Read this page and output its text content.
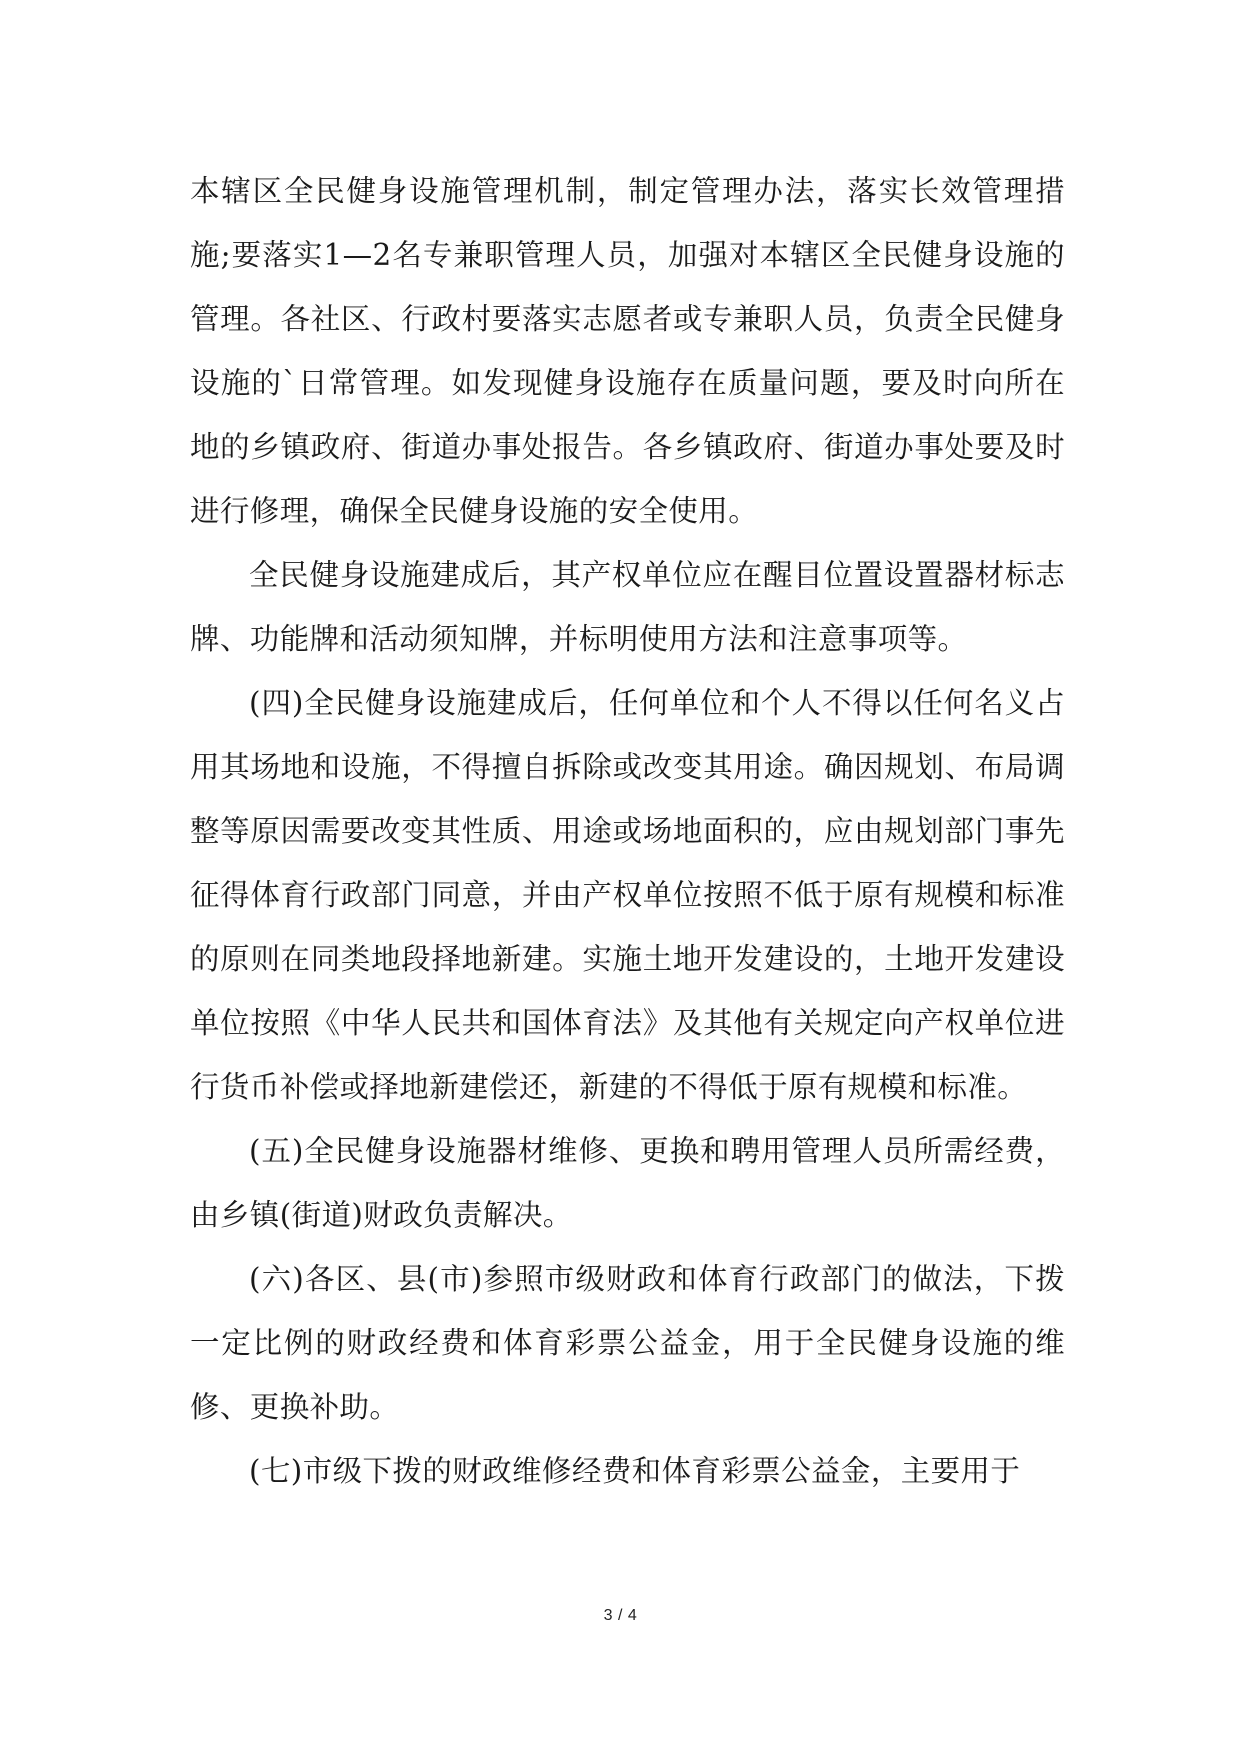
本辖区全民健身设施管理机制，制定管理办法，落实长效管理措施;要落实1—2名专兼职管理人员，加强对本辖区全民健身设施的管理。各社区、行政村要落实志愿者或专兼职人员，负责全民健身设施的`日常管理。如发现健身设施存在质量问题，要及时向所在地的乡镇政府、街道办事处报告。各乡镇政府、街道办事处要及时进行修理，确保全民健身设施的安全使用。

全民健身设施建成后，其产权单位应在醒目位置设置器材标志牌、功能牌和活动须知牌，并标明使用方法和注意事项等。

(四)全民健身设施建成后，任何单位和个人不得以任何名义占用其场地和设施，不得擅自拆除或改变其用途。确因规划、布局调整等原因需要改变其性质、用途或场地面积的，应由规划部门事先征得体育行政部门同意，并由产权单位按照不低于原有规模和标准的原则在同类地段择地新建。实施土地开发建设的，土地开发建设单位按照《中华人民共和国体育法》及其他有关规定向产权单位进行货币补偿或择地新建偿还，新建的不得低于原有规模和标准。

(五)全民健身设施器材维修、更换和聘用管理人员所需经费，由乡镇(街道)财政负责解决。

(六)各区、县(市)参照市级财政和体育行政部门的做法，下拨一定比例的财政经费和体育彩票公益金，用于全民健身设施的维修、更换补助。

(七)市级下拨的财政维修经费和体育彩票公益金，主要用于

3 / 4
